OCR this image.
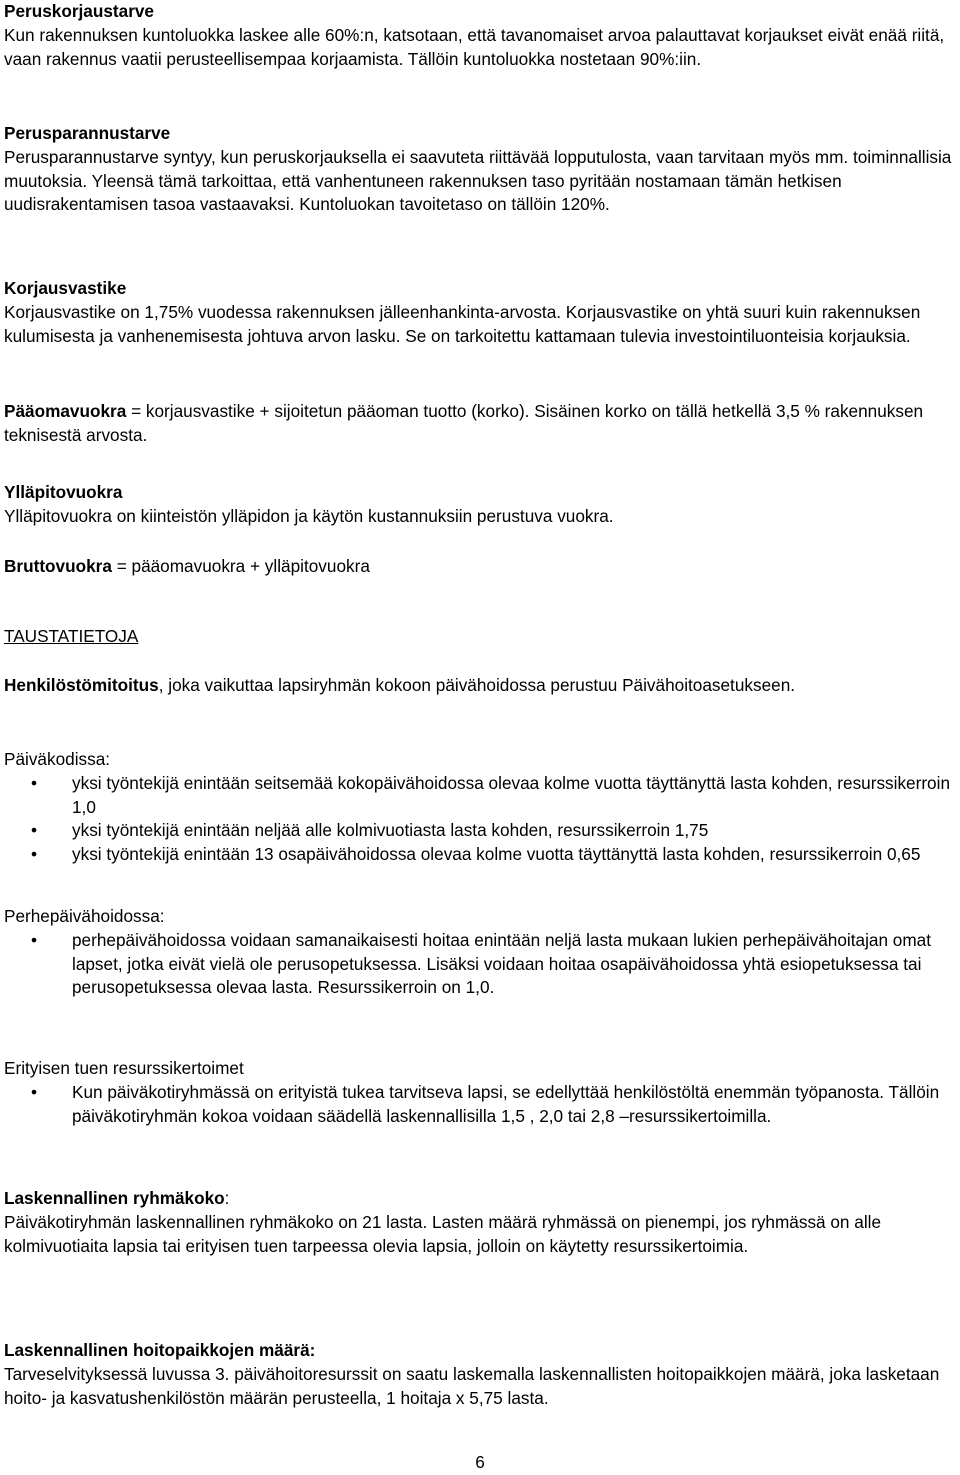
Peruskorjaustarve

Kun rakennuksen kuntoluokka laskee alle 60%:n, katsotaan, että tavanomaiset arvoa palauttavat korjaukset eivät enää riitä, vaan rakennus vaatii perusteellisempaa korjaamista. Tällöin kuntoluokka nostetaan 90%:iin.

Perusparannustarve

Perusparannustarve syntyy, kun peruskorjauksella ei saavuteta riittävää lopputulosta, vaan tarvitaan myös mm. toiminnallisia muutoksia. Yleensä tämä tarkoittaa, että vanhentuneen rakennuksen taso pyritään nostamaan tämän hetkisen uudisrakentamisen tasoa vastaavaksi. Kuntoluokan tavoitetaso on tällöin 120%.

Korjausvastike

Korjausvastike on 1,75% vuodessa rakennuksen jälleenhankinta-arvosta. Korjausvastike on yhtä suuri kuin rakennuksen kulumisesta ja vanhenemisesta johtuva arvon lasku. Se on tarkoitettu kattamaan tulevia investointiluonteisia korjauksia.

Pääomavuokra = korjausvastike + sijoitetun pääoman tuotto (korko). Sisäinen korko on tällä hetkellä 3,5 % rakennuksen teknisestä arvosta.

Ylläpitovuokra

Ylläpitovuokra on kiinteistön ylläpidon ja käytön kustannuksiin perustuva vuokra.

Bruttovuokra = pääomavuokra + ylläpitovuokra

TAUSTATIETOJA

Henkilöstömitoitus, joka vaikuttaa lapsiryhmän kokoon päivähoidossa perustuu Päivähoitoasetukseen.

Päiväkodissa:

• yksi työntekijä enintään seitsemää kokopäivähoidossa olevaa kolme vuotta täyttänyttä lasta kohden, resurssikerroin 1,0
• yksi työntekijä enintään neljää alle kolmivuotiasta lasta kohden, resurssikerroin 1,75
• yksi työntekijä enintään 13 osapäivähoidossa olevaa kolme vuotta täyttänyttä lasta kohden, resurssikerroin 0,65

Perhepäivähoidossa:

• perhepäivähoidossa voidaan samanaikaisesti hoitaa enintään neljä lasta mukaan lukien perhepäivähoitajan omat lapset, jotka eivät vielä ole perusopetuksessa. Lisäksi voidaan hoitaa osapäivähoidossa yhtä esiopetuksessa tai perusopetuksessa olevaa lasta. Resurssikerroin on 1,0.

Erityisen tuen resurssikertoimet

• Kun päiväkotiryhmässä on erityistä tukea tarvitseva lapsi, se edellyttää henkilöstöltä enemmän työpanosta. Tällöin päiväkotiryhmän kokoa voidaan säädellä laskennallisilla 1,5 , 2,0 tai 2,8 –resurssikertoimilla.

Laskennallinen ryhmäkoko:

Päiväkotiryhmän laskennallinen ryhmäkoko on 21 lasta. Lasten määrä ryhmässä on pienempi, jos ryhmässä on alle kolmivuotiaita lapsia tai erityisen tuen tarpeessa olevia lapsia, jolloin on käytetty resurssikertoimia.

Laskennallinen hoitopaikkojen määrä:

Tarveselvityksessä luvussa 3. päivähoitoresurssit on saatu laskemalla laskennallisten hoitopaikkojen määrä, joka lasketaan hoito- ja kasvatushenkilöstön määrän perusteella, 1 hoitaja x 5,75 lasta.

6
